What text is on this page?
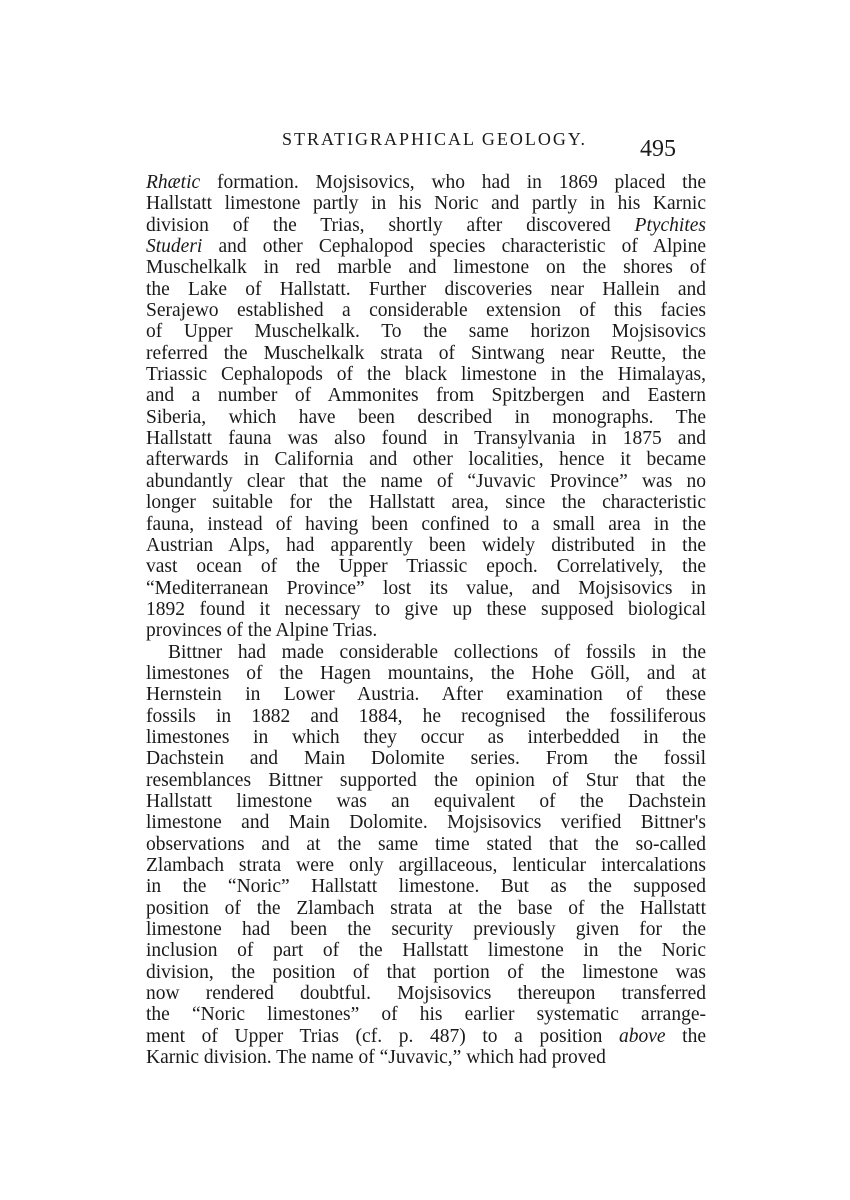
STRATIGRAPHICAL GEOLOGY. 495
Rhætic formation. Mojsisovics, who had in 1869 placed the
Hallstatt limestone partly in his Noric and partly in his Karnic
division of the Trias, shortly after discovered Ptychites
Studeri and other Cephalopod species characteristic of Alpine
Muschelkalk in red marble and limestone on the shores of
the Lake of Hallstatt. Further discoveries near Hallein and
Serajewo established a considerable extension of this facies
of Upper Muschelkalk. To the same horizon Mojsisovics
referred the Muschelkalk strata of Sintwang near Reutte, the
Triassic Cephalopods of the black limestone in the Himalayas,
and a number of Ammonites from Spitzbergen and Eastern
Siberia, which have been described in monographs. The
Hallstatt fauna was also found in Transylvania in 1875 and
afterwards in California and other localities, hence it became
abundantly clear that the name of “Juvavic Province” was no
longer suitable for the Hallstatt area, since the characteristic
fauna, instead of having been confined to a small area in the
Austrian Alps, had apparently been widely distributed in the
vast ocean of the Upper Triassic epoch. Correlatively, the
“Mediterranean Province” lost its value, and Mojsisovics in
1892 found it necessary to give up these supposed biological
provinces of the Alpine Trias.
Bittner had made considerable collections of fossils in the
limestones of the Hagen mountains, the Hohe Göll, and at
Hernstein in Lower Austria. After examination of these
fossils in 1882 and 1884, he recognised the fossiliferous
limestones in which they occur as interbedded in the
Dachstein and Main Dolomite series. From the fossil
resemblances Bittner supported the opinion of Stur that the
Hallstatt limestone was an equivalent of the Dachstein
limestone and Main Dolomite. Mojsisovics verified Bittner's
observations and at the same time stated that the so-called
Zlambach strata were only argillaceous, lenticular intercalations
in the “Noric” Hallstatt limestone. But as the supposed
position of the Zlambach strata at the base of the Hallstatt
limestone had been the security previously given for the
inclusion of part of the Hallstatt limestone in the Noric
division, the position of that portion of the limestone was
now rendered doubtful. Mojsisovics thereupon transferred
the “Noric limestones” of his earlier systematic arrange-
ment of Upper Trias (cf. p. 487) to a position above the
Karnic division. The name of “Juvavic,” which had proved
